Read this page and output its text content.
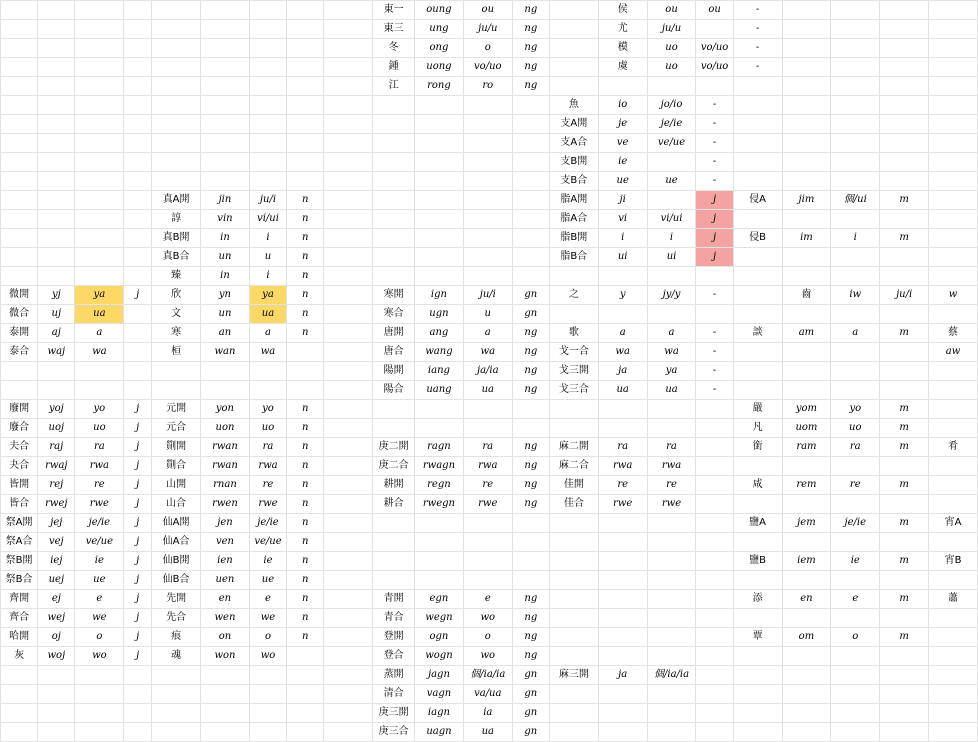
									東一	oung	ou	ng		侯	ou	ou	-				
									東三	ung	ju/u	ng		尤	ju/u		-				
									冬	ong	o	ng		模	uo	vo/uo	-				
									鍾	uong	vo/uo	ng		虞	uo	vo/uo	-				
									江	rong	ro	ng									
													魚	io	jo/io	-					
													支A開	je	je/ie	-					
													支A合	ve	ve/ue	-					
													支B開	ie		-					
													支B合	ue	ue	-					
				真A開	jin	ju/i	n						脂A開	ji		j	侵A	jim	個/ui	m	
				諄	vin	vi/ui	n						脂A合	vi	vi/ui	j					
				真B開	in	i	n						脂B開	i	i	j	侵B	im	i	m	
				真B合	un	u	n						脂B合	ui	ui	j					
				臻	in	i	n														
微開	yj	ya	j	欣	yn	ya	n		寒開	ign	ju/i	gn	之	y	jy/y	-		齒	iw	ju/i	w
微合	uj	ua		文	un	ua	n		寒合	ugn	u	gn									
泰開	aj	a		寒	an	a	n		唐開	ang	a	ng	歌	a	a	-	談	am	a	m	蔡
泰合	waj	wa		桓	wan	wa			唐合	wang	wa	ng	戈一合	wa	wa	-					aw
									陽開	iang	ja/ia	ng	戈三開	ja	ya	-					
									陽合	uang	ua	ng	戈三合	ua	ua	-					
廢開	yoj	yo	j	元開	yon	yo	n										嚴	yom	yo	m	
廢合	uoj	uo	j	元合	uon	uo	n										凡	uom	uo	m	
夫合	raj	ra	j	劕開	rwan	ra	n		庚二開	ragn	ra	ng	麻二開	ra	ra		銜	ram	ra	m	肴
夬合	rwaj	rwa	j	劕合	rwan	rwa	n		庚二合	rwagn	rwa	ng	麻二合	rwa	rwa						
皆開	rej	re	j	山開	rnan	re	n		耕開	regn	re	ng	佳開	re	re		咸	rem	re	m	
皆合	rwej	rwe	j	山合	rwen	rwe	n		耕合	rwegn	rwe	ng	佳合	rwe	rwe						
祭A開	jej	je/ie	j	仙A開	jen	je/ie	n										鹽A	jem	je/ie	m	宵A
祭A合	vej	ve/ue	j	仙A合	ven	ve/ue	n														
祭B開	iej	ie	j	仙B開	ien	ie	n										鹽B	iem	ie	m	宵B
祭B合	uej	ue	j	仙B合	uen	ue	n														
齊開	ej	e	j	先開	en	e	n		青開	egn	e	ng					添	en	e	m	蕭
齊合	wej	we	j	先合	wen	we	n		青合	wegn	wo	ng									
哈開	oj	o	j	痕	on	o	n		登開	ogn	o	ng					覃	om	o	m	
灰	woj	wo	j	魂	won	wo			登合	wogn	wo	ng									
									蒸開	jagn	個/ia/ia	gn	麻三開	ja	個/ia/ia						
									清合	vagn	va/ua	gn									
									庚三開	iagn	ia	gn									
									庚三合	uagn	ua	gn									
